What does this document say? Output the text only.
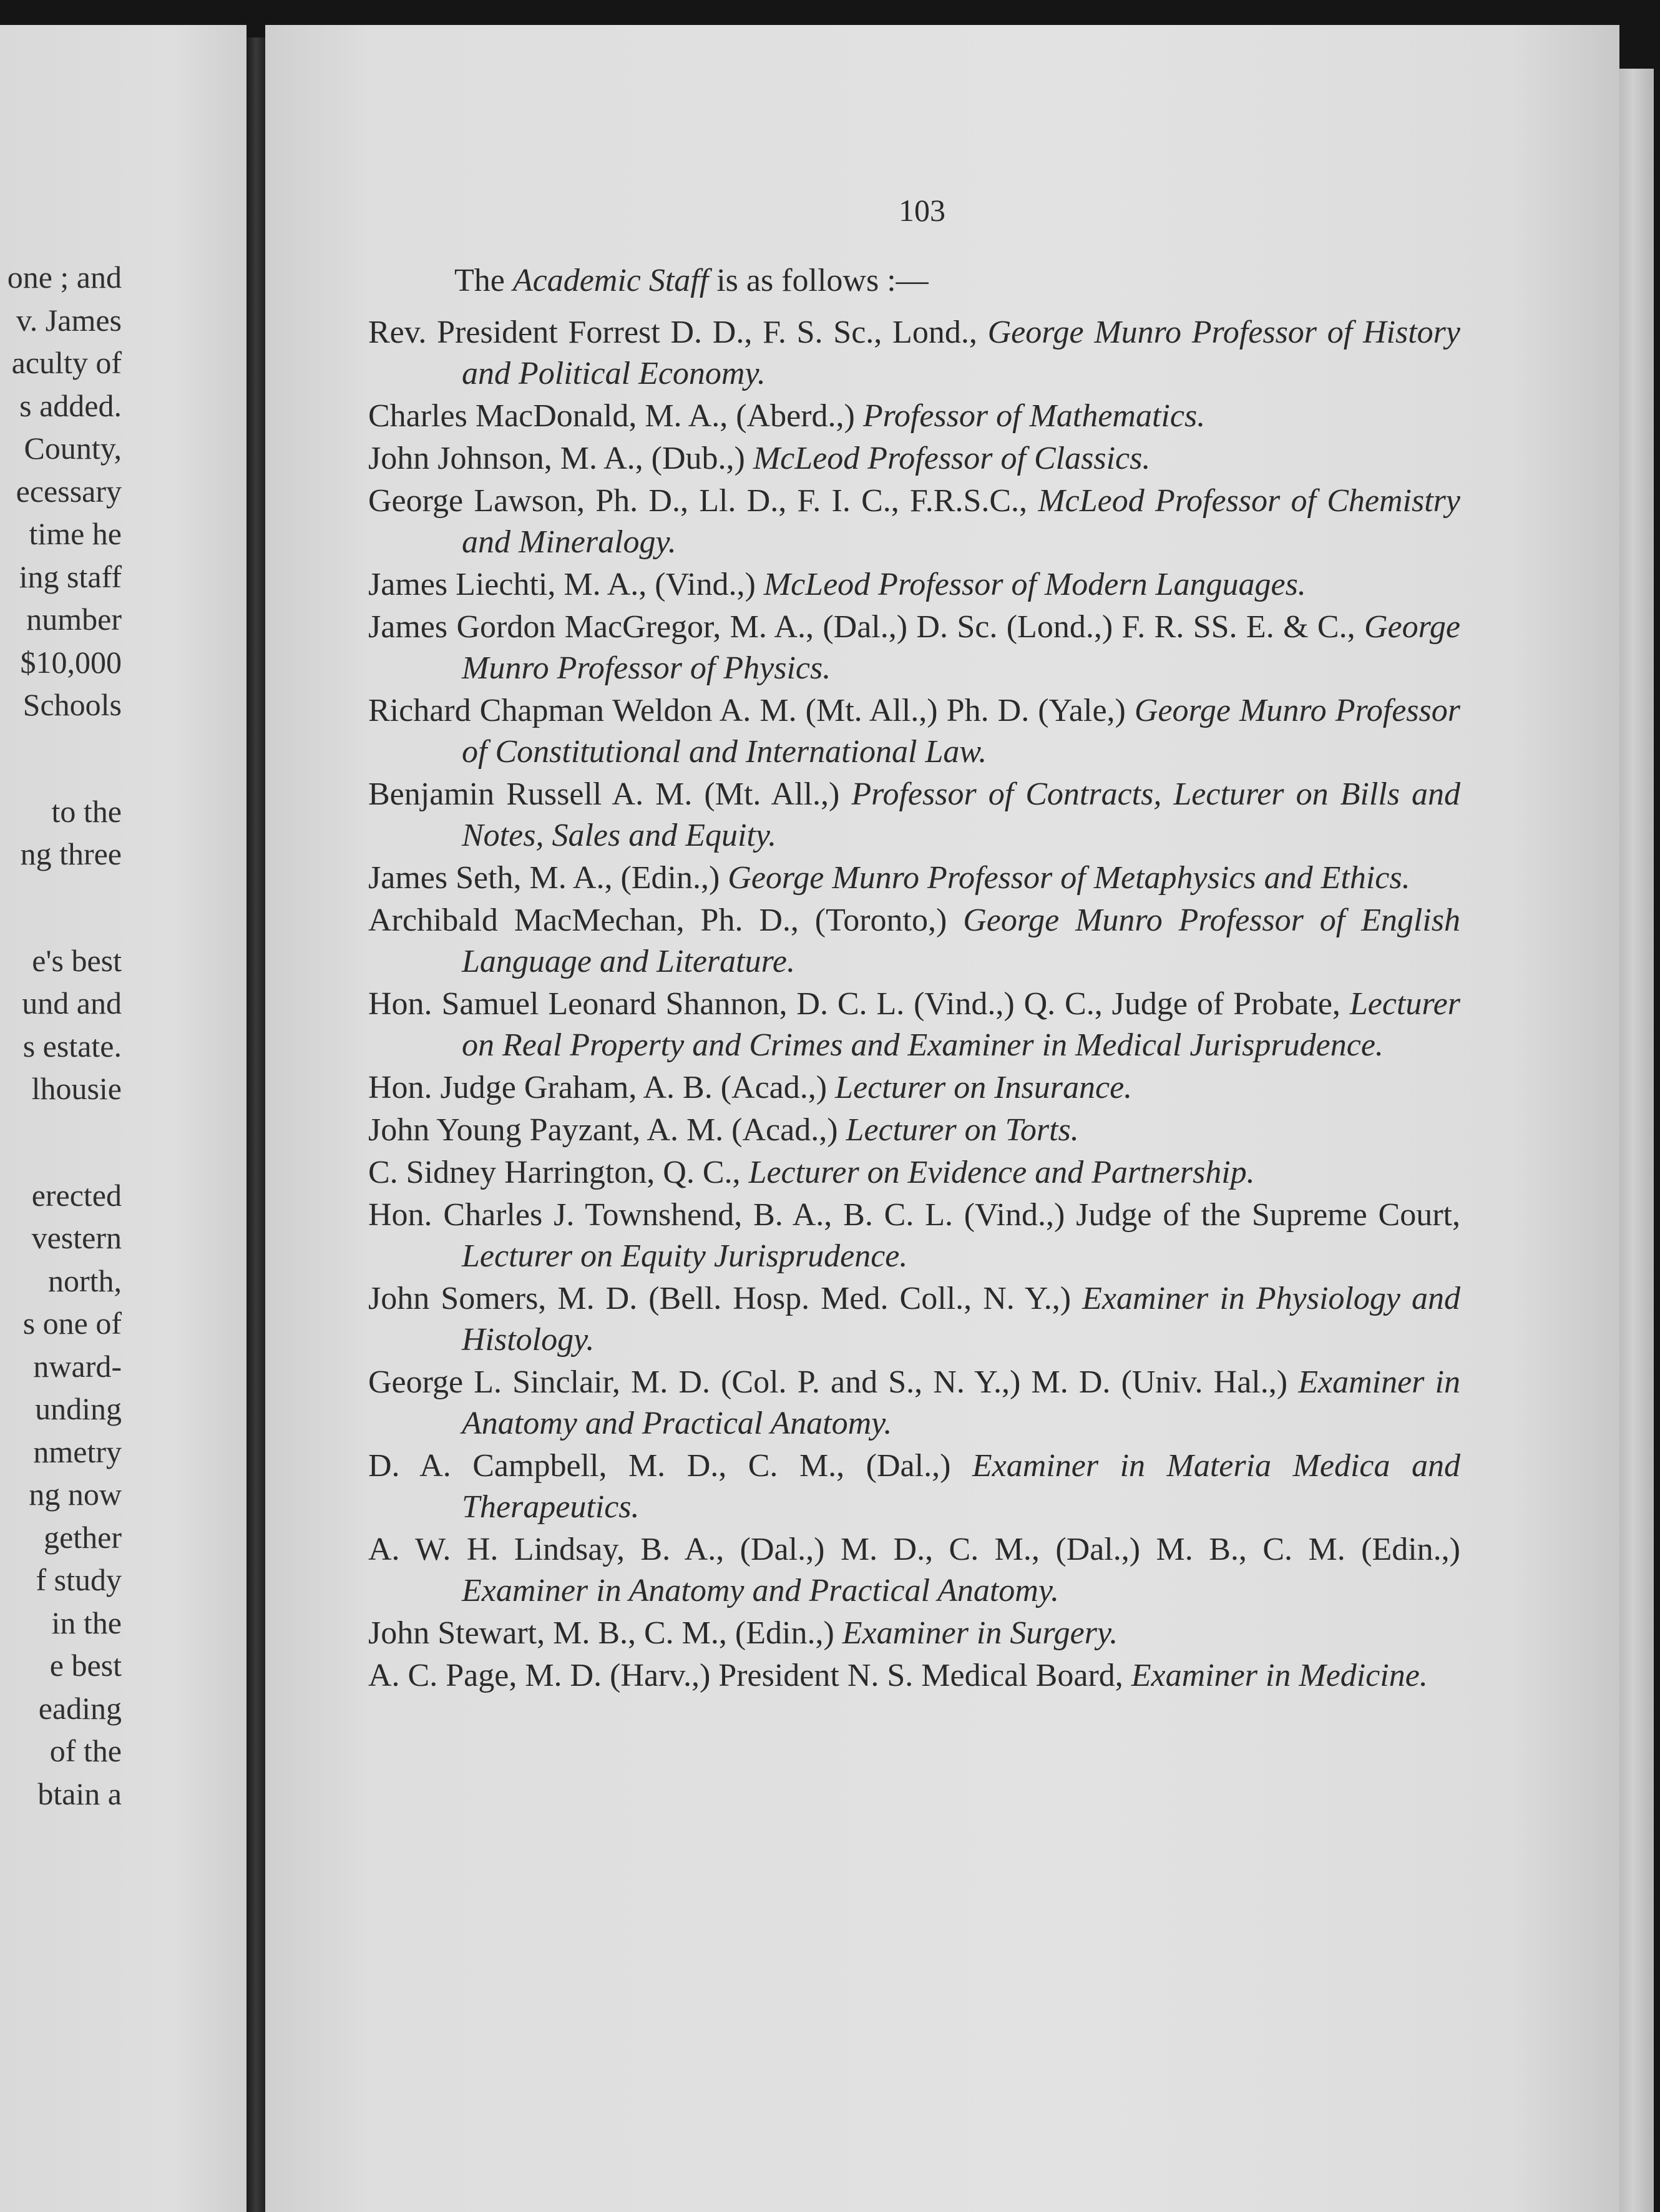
one ; and
v. James
aculty of
s added.
County,
ecessary
time he
ing staff
number
$10,000
Schools
to the
ng three
e's best
und and
s estate.
lhousie
erected
vestern
north,
s one of
nward-
unding
nmetry
ng now
gether
f study
in the
e best
eading
of the
btain a
103
The Academic Staff is as follows :—

Rev. President Forrest D. D., F. S. Sc., Lond., George Munro Professor of History and Political Economy.

Charles MacDonald, M. A., (Aberd.,) Professor of Mathematics.

John Johnson, M. A., (Dub.,) McLeod Professor of Classics.

George Lawson, Ph. D., Ll. D., F. I. C., F.R.S.C., McLeod Professor of Chemistry and Mineralogy.

James Liechti, M. A., (Vind.,) McLeod Professor of Modern Languages.

James Gordon MacGregor, M. A., (Dal.,) D. Sc. (Lond.,) F. R. SS. E. & C., George Munro Professor of Physics.

Richard Chapman Weldon A. M. (Mt. All.,) Ph. D. (Yale,) George Munro Professor of Constitutional and International Law.

Benjamin Russell A. M. (Mt. All.,) Professor of Contracts, Lecturer on Bills and Notes, Sales and Equity.

James Seth, M. A., (Edin.,) George Munro Professor of Metaphysics and Ethics.

Archibald MacMechan, Ph. D., (Toronto,) George Munro Professor of English Language and Literature.

Hon. Samuel Leonard Shannon, D. C. L. (Vind.,) Q. C., Judge of Probate, Lecturer on Real Property and Crimes and Examiner in Medical Jurisprudence.

Hon. Judge Graham, A. B. (Acad.,) Lecturer on Insurance.

John Young Payzant, A. M. (Acad.,) Lecturer on Torts.

C. Sidney Harrington, Q. C., Lecturer on Evidence and Partnership.

Hon. Charles J. Townshend, B. A., B. C. L. (Vind.,) Judge of the Supreme Court, Lecturer on Equity Jurisprudence.

John Somers, M. D. (Bell. Hosp. Med. Coll., N. Y.,) Examiner in Physiology and Histology.

George L. Sinclair, M. D. (Col. P. and S., N. Y.,) M. D. (Univ. Hal.,) Examiner in Anatomy and Practical Anatomy.

D. A. Campbell, M. D., C. M., (Dal.,) Examiner in Materia Medica and Therapeutics.

A. W. H. Lindsay, B. A., (Dal.,) M. D., C. M., (Dal.,) M. B., C. M. (Edin.,) Examiner in Anatomy and Practical Anatomy.

John Stewart, M. B., C. M., (Edin.,) Examiner in Surgery.

A. C. Page, M. D. (Harv.,) President N. S. Medical Board, Examiner in Medicine.
